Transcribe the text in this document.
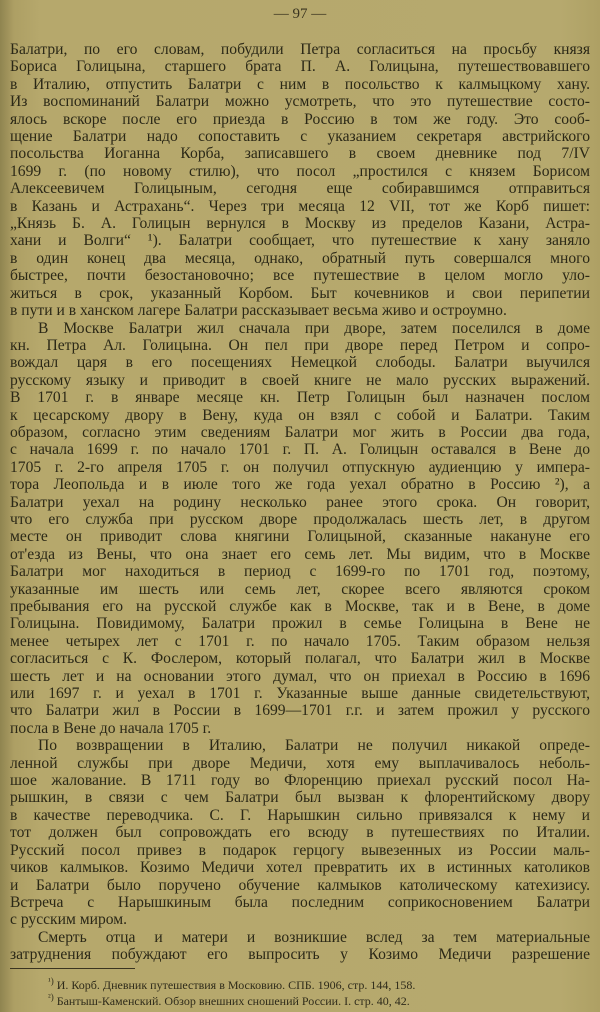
— 97 —
Балатри, по его словам, побудили Петра согласиться на просьбу князя
Бориса Голицына, старшего брата П. А. Голицына, путешествовавшего
в Италию, отпустить Балатри с ним в посольство к калмыцкому хану.
Из воспоминаний Балатри можно усмотреть, что это путешествие состо-
ялось вскоре после его приезда в Россию в том же году. Это сооб-
щение Балатри надо сопоставить с указанием секретаря австрийского
посольства Иоганна Корба, записавшего в своем дневнике под 7/IV
1699 г. (по новому стилю), что посол „простился с князем Борисом
Алексеевичем Голицыным, сегодня еще собиравшимся отправиться
в Казань и Астрахань“. Через три месяца 12 VII, тот же Корб пишет:
„Князь Б. А. Голицын вернулся в Москву из пределов Казани, Астра-
хани и Волги“ ¹). Балатри сообщает, что путешествие к хану заняло
в один конец два месяца, однако, обратный путь совершался много
быстрее, почти безостановочно; все путешествие в целом могло уло-
житься в срок, указанный Корбом. Быт кочевников и свои перипетии
в пути и в ханском лагере Балатри рассказывает весьма живо и остроумно.
В Москве Балатри жил сначала при дворе, затем поселился в доме
кн. Петра Ал. Голицына. Он пел при дворе перед Петром и сопро-
вождал царя в его посещениях Немецкой слободы. Балатри выучился
русскому языку и приводит в своей книге не мало русских выражений.
В 1701 г. в январе месяце кн. Петр Голицын был назначен послом
к цесарскому двору в Вену, куда он взял с собой и Балатри. Таким
образом, согласно этим сведениям Балатри мог жить в России два года,
с начала 1699 г. по начало 1701 г. П. А. Голицын оставался в Вене до
1705 г. 2-го апреля 1705 г. он получил отпускную аудиенцию у импера-
тора Леопольда и в июле того же года уехал обратно в Россию ²), а
Балатри уехал на родину несколько ранее этого срока. Он говорит,
что его служба при русском дворе продолжалась шесть лет, в другом
месте он приводит слова княгини Голицыной, сказанные накануне его
от'езда из Вены, что она знает его семь лет. Мы видим, что в Москве
Балатри мог находиться в период с 1699-го по 1701 год, поэтому,
указанные им шесть или семь лет, скорее всего являются сроком
пребывания его на русской службе как в Москве, так и в Вене, в доме
Голицына. Повидимому, Балатри прожил в семье Голицына в Вене не
менее четырех лет с 1701 г. по начало 1705. Таким образом нельзя
согласиться с К. Фослером, который полагал, что Балатри жил в Москве
шесть лет и на основании этого думал, что он приехал в Россию в 1696
или 1697 г. и уехал в 1701 г. Указанные выше данные свидетельствуют,
что Балатри жил в России в 1699—1701 г.г. и затем прожил у русского
посла в Вене до начала 1705 г.
По возвращении в Италию, Балатри не получил никакой опреде-
ленной службы при дворе Медичи, хотя ему выплачивалось неболь-
шое жалование. В 1711 году во Флоренцию приехал русский посол На-
рышкин, в связи с чем Балатри был вызван к флорентийскому двору
в качестве переводчика. С. Г. Нарышкин сильно привязался к нему и
тот должен был сопровождать его всюду в путешествиях по Италии.
Русский посол привез в подарок герцогу вывезенных из России маль-
чиков калмыков. Козимо Медичи хотел превратить их в истинных католиков
и Балатри было поручено обучение калмыков католическому катехизису.
Встреча с Нарышкиным была последним соприкосновением Балатри
с русским миром.
Смерть отца и матери и возникшие вслед за тем материальные
затруднения побуждают его выпросить у Козимо Медичи разрешение
$^{^1)}$ И. Корб. Дневник путешествия в Московию. СПБ. 1906, стр. 144, 158.
$^{^2)}$ Бантыш-Каменский. Обзор внешних сношений России. I. стр. 40, 42.
